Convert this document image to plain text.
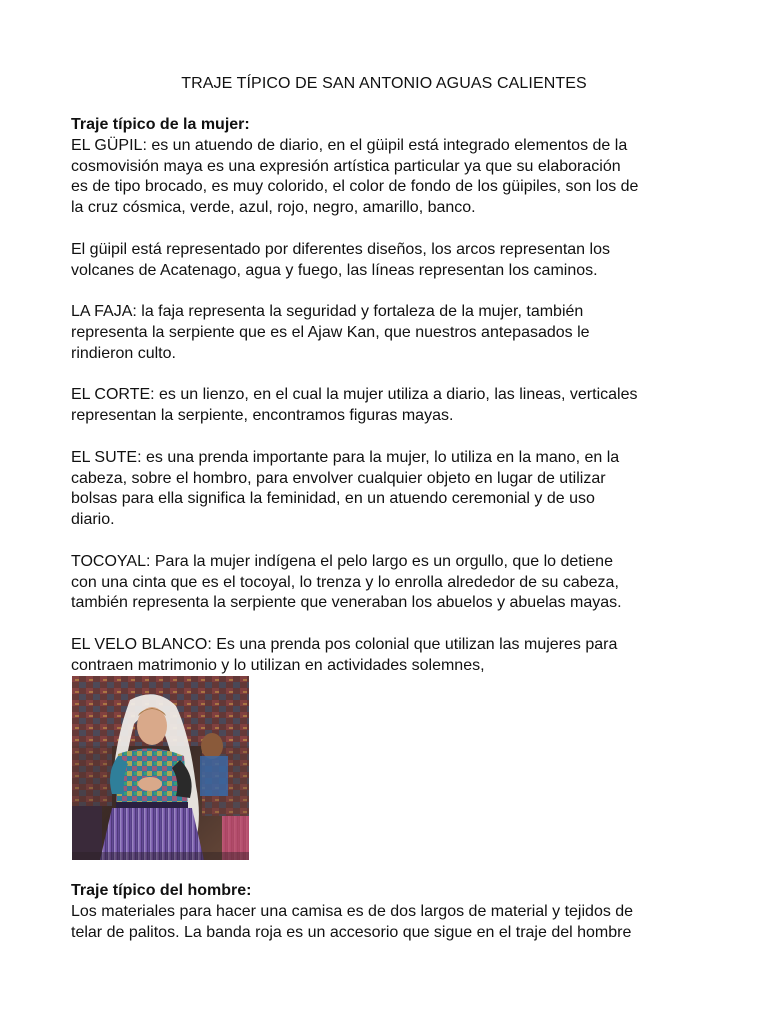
TRAJE TÍPICO DE SAN ANTONIO AGUAS CALIENTES

Traje típico de la mujer:

EL GÜPIL: es un atuendo de diario, en el güipil está integrado elementos de la
cosmovisión maya es una expresión artística particular ya que su elaboración
es de tipo brocado, es muy colorido, el color de fondo de los güipiles, son los de
la cruz cósmica, verde, azul, rojo, negro, amarillo, banco.

El güipil está representado por diferentes diseños, los arcos representan los
volcanes de Acatenago, agua y fuego, las líneas representan los caminos.

LA FAJA: la faja representa la seguridad y fortaleza de la mujer, también
representa la serpiente que es el Ajaw Kan, que nuestros antepasados le
rindieron culto.

EL CORTE: es un lienzo, en el cual la mujer utiliza a diario, las lineas, verticales
representan la serpiente, encontramos figuras mayas.

EL SUTE: es una prenda importante para la mujer, lo utiliza en la mano, en la
cabeza, sobre el hombro, para envolver cualquier objeto en lugar de utilizar
bolsas para ella significa la feminidad, en un atuendo ceremonial y de uso
diario.

TOCOYAL: Para la mujer indígena el pelo largo es un orgullo, que lo detiene
con una cinta que es el tocoyal, lo trenza y lo enrolla alrededor de su cabeza,
también representa la serpiente que veneraban los abuelos y abuelas mayas.

EL VELO BLANCO: Es una prenda pos colonial que utilizan las mujeres para
contraen matrimonio y lo utilizan en actividades solemnes,

Traje típico del hombre:

Los materiales para hacer una camisa es de dos largos de material y tejidos de
telar de palitos. La banda roja es un accesorio que sigue en el traje del hombre
